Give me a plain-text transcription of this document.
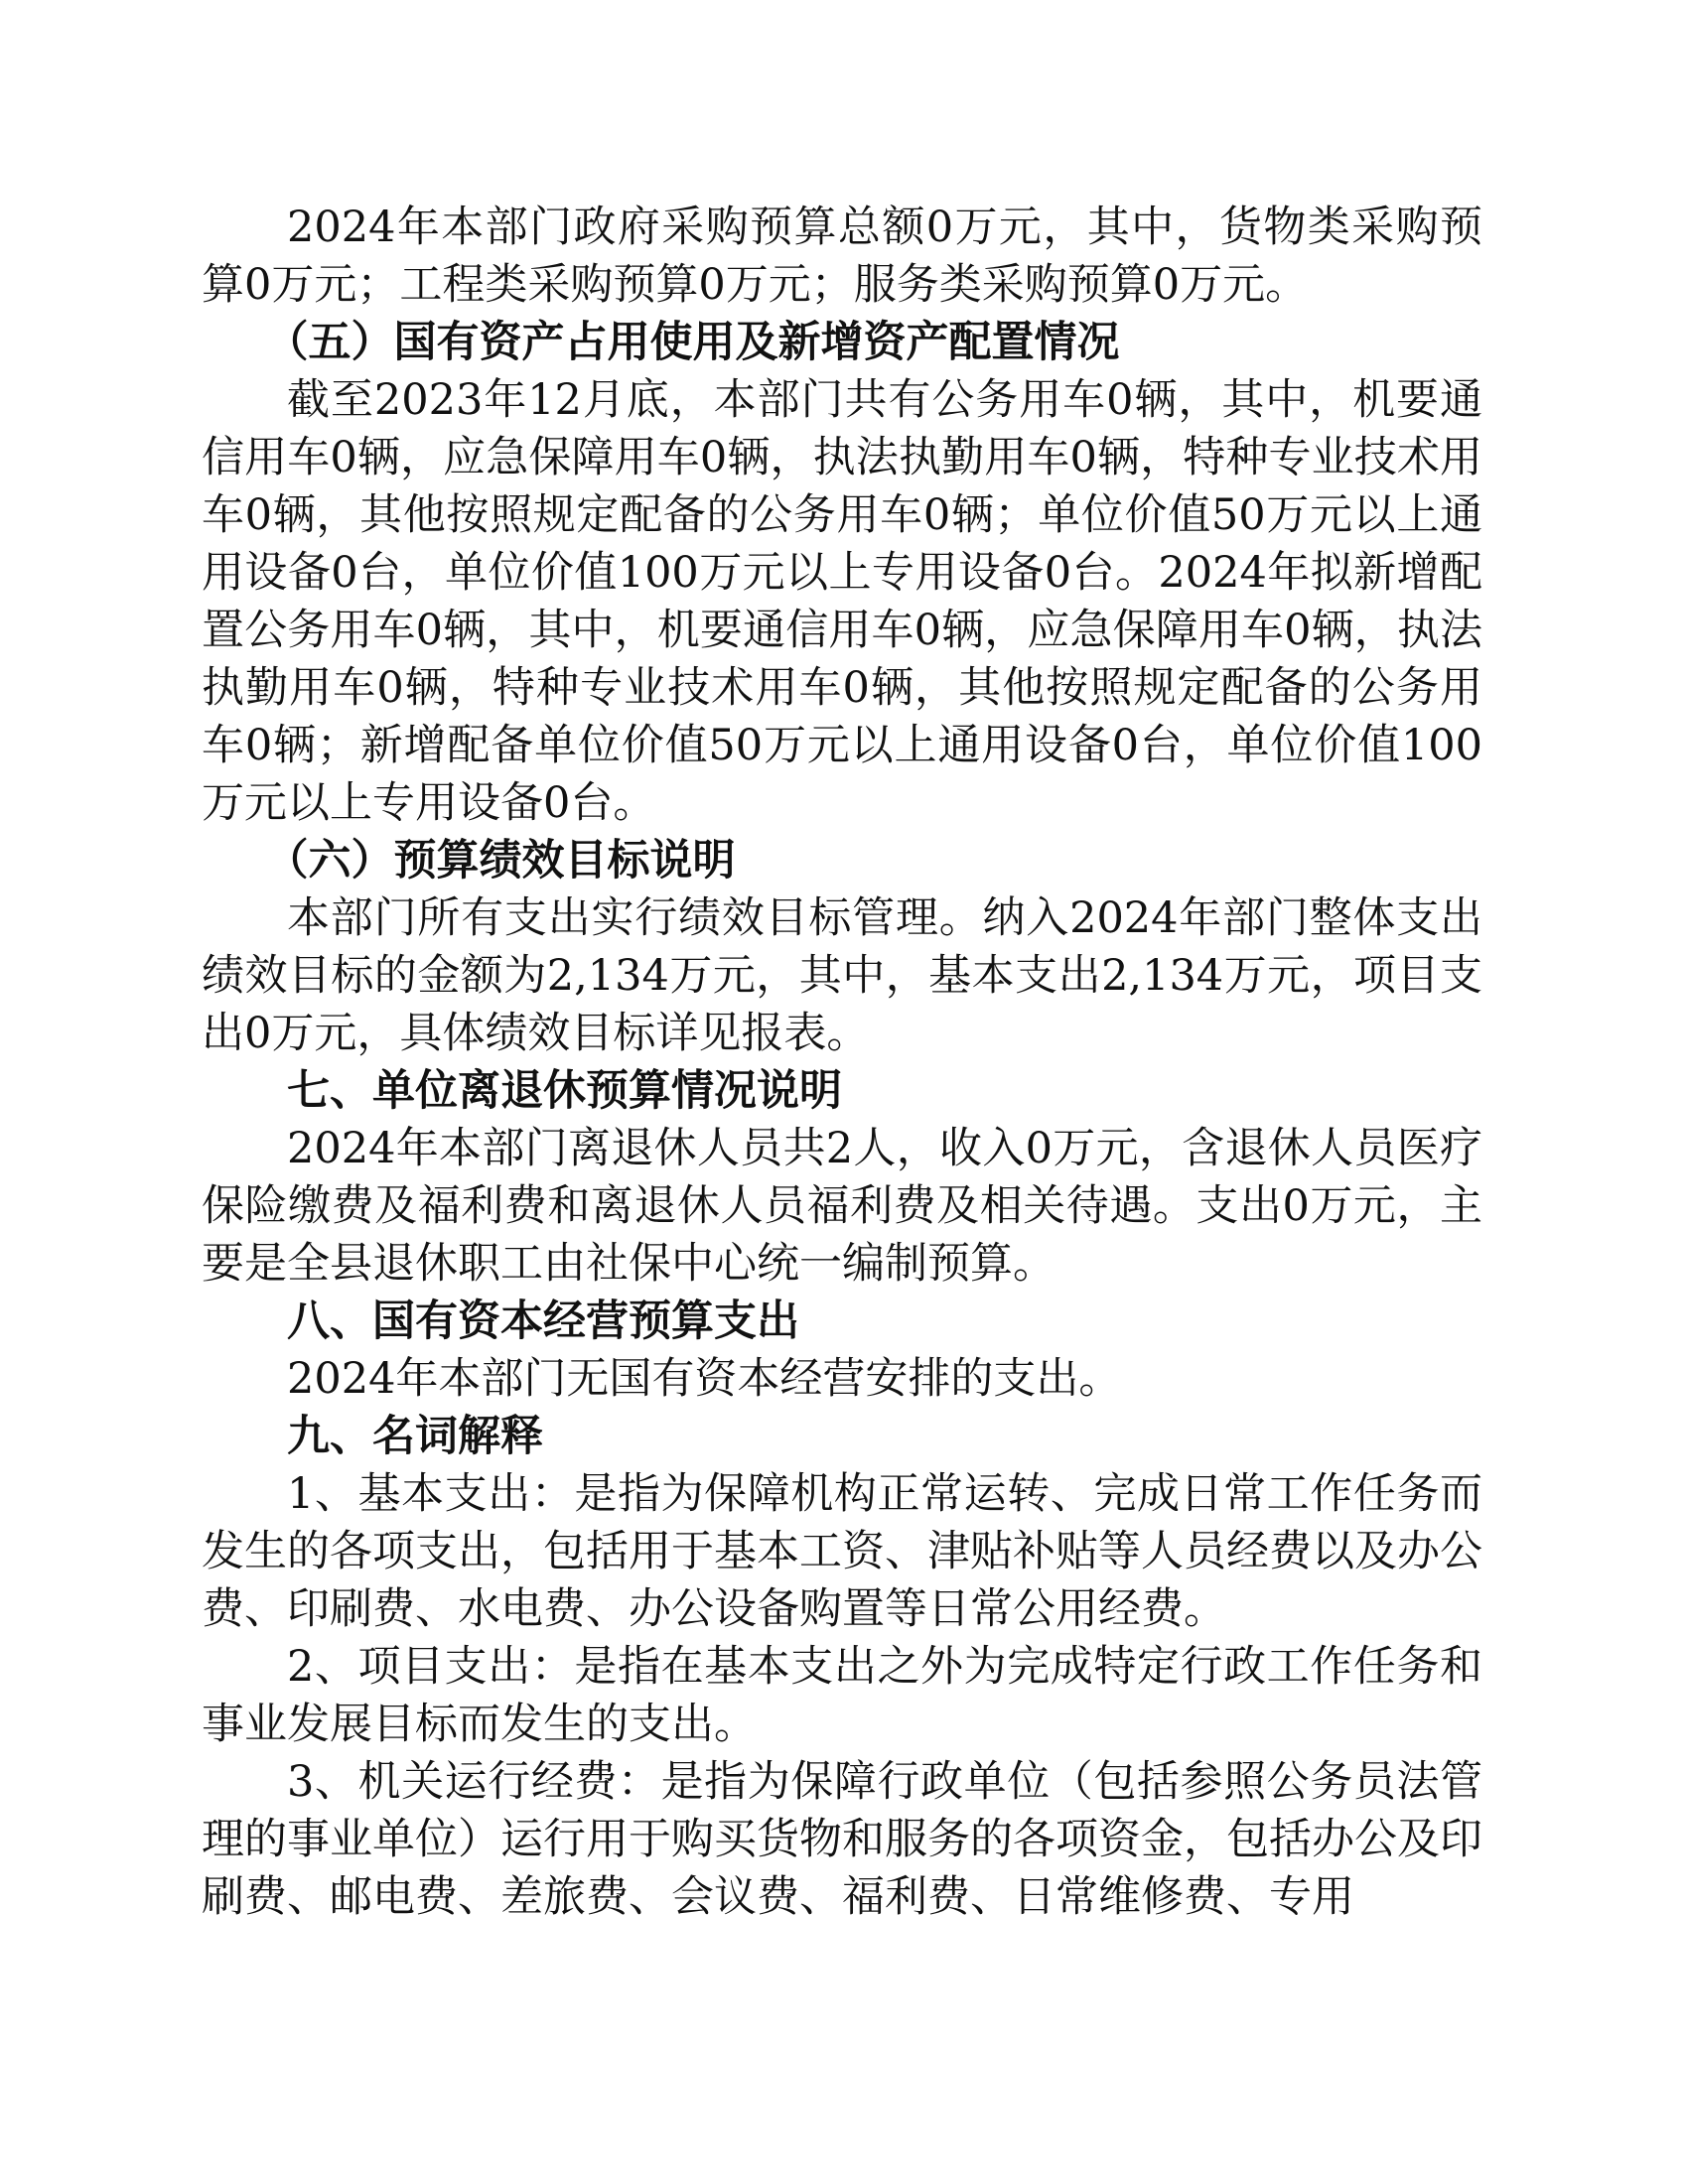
2024年本部门政府采购预算总额0万元，其中，货物类采购预算0万元；工程类采购预算0万元；服务类采购预算0万元。

（五）国有资产占用使用及新增资产配置情况

截至2023年12月底，本部门共有公务用车0辆，其中，机要通信用车0辆，应急保障用车0辆，执法执勤用车0辆，特种专业技术用车0辆，其他按照规定配备的公务用车0辆；单位价值50万元以上通用设备0台，单位价值100万元以上专用设备0台。2024年拟新增配置公务用车0辆，其中，机要通信用车0辆，应急保障用车0辆，执法执勤用车0辆，特种专业技术用车0辆，其他按照规定配备的公务用车0辆；新增配备单位价值50万元以上通用设备0台，单位价值100万元以上专用设备0台。

（六）预算绩效目标说明

本部门所有支出实行绩效目标管理。纳入2024年部门整体支出绩效目标的金额为2,134万元，其中，基本支出2,134万元，项目支出0万元，具体绩效目标详见报表。

七、单位离退休预算情况说明

2024年本部门离退休人员共2人，收入0万元，含退休人员医疗保险缴费及福利费和离退休人员福利费及相关待遇。支出0万元，主要是全县退休职工由社保中心统一编制预算。

八、国有资本经营预算支出

2024年本部门无国有资本经营安排的支出。

九、名词解释

1、基本支出：是指为保障机构正常运转、完成日常工作任务而发生的各项支出，包括用于基本工资、津贴补贴等人员经费以及办公费、印刷费、水电费、办公设备购置等日常公用经费。

2、项目支出：是指在基本支出之外为完成特定行政工作任务和事业发展目标而发生的支出。

3、机关运行经费：是指为保障行政单位（包括参照公务员法管理的事业单位）运行用于购买货物和服务的各项资金，包括办公及印刷费、邮电费、差旅费、会议费、福利费、日常维修费、专用
